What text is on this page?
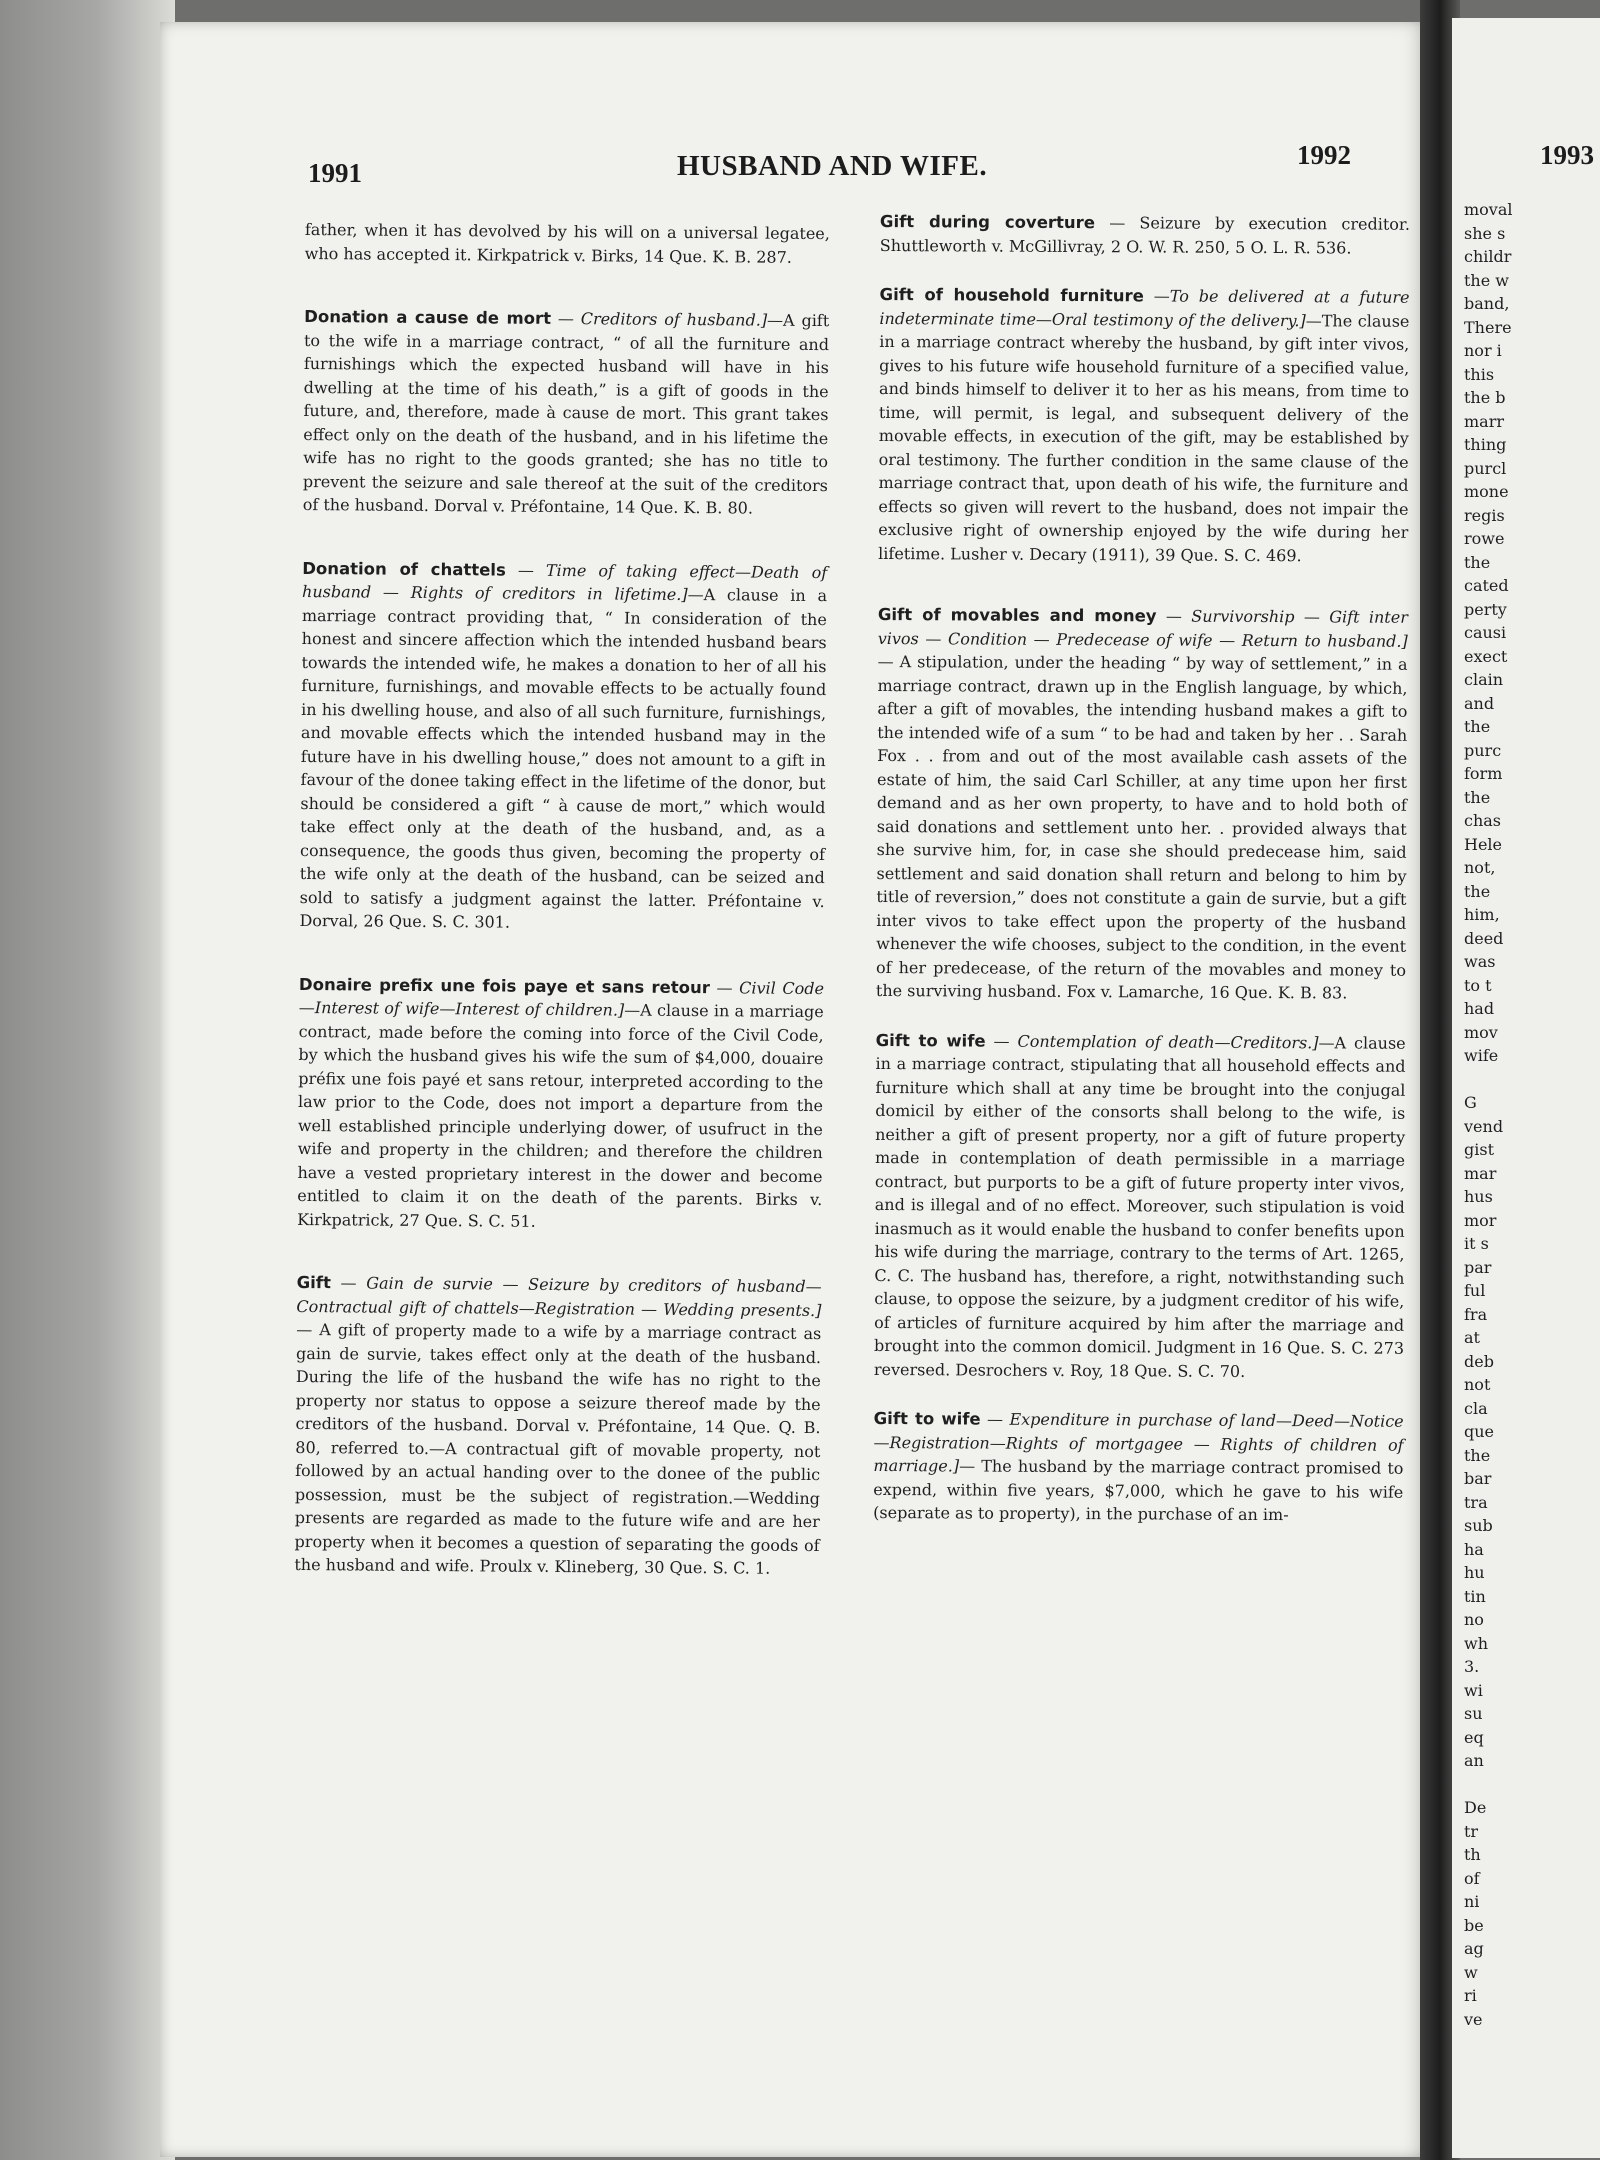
1991	HUSBAND AND WIFE.	1992

father, when it has devolved by his will on a universal legatee, who has accepted it. Kirkpatrick v. Birks, 14 Que. K. B. 287.

Donation a cause de mort — Creditors of husband.]—A gift to the wife in a marriage contract, “ of all the furniture and furnishings which the expected husband will have in his dwelling at the time of his death,” is a gift of goods in the future, and, therefore, made à cause de mort. This grant takes effect only on the death of the husband, and in his lifetime the wife has no right to the goods granted; she has no title to prevent the seizure and sale thereof at the suit of the creditors of the husband. Dorval v. Préfontaine, 14 Que. K. B. 80.

Donation of chattels — Time of taking effect—Death of husband — Rights of creditors in lifetime.]—A clause in a marriage contract providing that, “ In consideration of the honest and sincere affection which the intended husband bears towards the intended wife, he makes a donation to her of all his furniture, furnishings, and movable effects to be actually found in his dwelling house, and also of all such furniture, furnishings, and movable effects which the intended husband may in the future have in his dwelling house,” does not amount to a gift in favour of the donee taking effect in the lifetime of the donor, but should be considered a gift “ à cause de mort,” which would take effect only at the death of the husband, and, as a consequence, the goods thus given, becoming the property of the wife only at the death of the husband, can be seized and sold to satisfy a judgment against the latter. Préfontaine v. Dorval, 26 Que. S. C. 301.

Donaire prefix une fois paye et sans retour — Civil Code—Interest of wife—Interest of children.]—A clause in a marriage contract, made before the coming into force of the Civil Code, by which the husband gives his wife the sum of $4,000, douaire préfix une fois payé et sans retour, interpreted according to the law prior to the Code, does not import a departure from the well established principle underlying dower, of usufruct in the wife and property in the children; and therefore the children have a vested proprietary interest in the dower and become entitled to claim it on the death of the parents. Birks v. Kirkpatrick, 27 Que. S. C. 51.

Gift — Gain de survie — Seizure by creditors of husband—Contractual gift of chattels—Registration — Wedding presents.]— A gift of property made to a wife by a marriage contract as gain de survie, takes effect only at the death of the husband. During the life of the husband the wife has no right to the property nor status to oppose a seizure thereof made by the creditors of the husband. Dorval v. Préfontaine, 14 Que. Q. B. 80, referred to.—A contractual gift of movable property, not followed by an actual handing over to the donee of the public possession, must be the subject of registration.—Wedding presents are regarded as made to the future wife and are her property when it becomes a question of separating the goods of the husband and wife. Proulx v. Klineberg, 30 Que. S. C. 1.

Gift during coverture — Seizure by execution creditor. Shuttleworth v. McGillivray, 2 O. W. R. 250, 5 O. L. R. 536.

Gift of household furniture —To be delivered at a future indeterminate time—Oral testimony of the delivery.]—The clause in a marriage contract whereby the husband, by gift inter vivos, gives to his future wife household furniture of a specified value, and binds himself to deliver it to her as his means, from time to time, will permit, is legal, and subsequent delivery of the movable effects, in execution of the gift, may be established by oral testimony. The further condition in the same clause of the marriage contract that, upon death of his wife, the furniture and effects so given will revert to the husband, does not impair the exclusive right of ownership enjoyed by the wife during her lifetime. Lusher v. Decary (1911), 39 Que. S. C. 469.

Gift of movables and money — Survivorship — Gift inter vivos — Condition — Predecease of wife — Return to husband.]— A stipulation, under the heading “ by way of settlement,” in a marriage contract, drawn up in the English language, by which, after a gift of movables, the intending husband makes a gift to the intended wife of a sum “ to be had and taken by her . . Sarah Fox . . from and out of the most available cash assets of the estate of him, the said Carl Schiller, at any time upon her first demand and as her own property, to have and to hold both of said donations and settlement unto her. . provided always that she survive him, for, in case she should predecease him, said settlement and said donation shall return and belong to him by title of reversion,” does not constitute a gain de survie, but a gift inter vivos to take effect upon the property of the husband whenever the wife chooses, subject to the condition, in the event of her predecease, of the return of the movables and money to the surviving husband. Fox v. Lamarche, 16 Que. K. B. 83.

Gift to wife — Contemplation of death—Creditors.]—A clause in a marriage contract, stipulating that all household effects and furniture which shall at any time be brought into the conjugal domicil by either of the consorts shall belong to the wife, is neither a gift of present property, nor a gift of future property made in contemplation of death permissible in a marriage contract, but purports to be a gift of future property inter vivos, and is illegal and of no effect. Moreover, such stipulation is void inasmuch as it would enable the husband to confer benefits upon his wife during the marriage, contrary to the terms of Art. 1265, C. C. The husband has, therefore, a right, notwithstanding such clause, to oppose the seizure, by a judgment creditor of his wife, of articles of furniture acquired by him after the marriage and brought into the common domicil. Judgment in 16 Que. S. C. 273 reversed. Desrochers v. Roy, 18 Que. S. C. 70.

Gift to wife — Expenditure in purchase of land—Deed—Notice—Registration—Rights of mortgagee — Rights of children of marriage.]— The husband by the marriage contract promised to expend, within five years, $7,000, which he gave to his wife (separate as to property), in the purchase of an im-

1993
moval
she s
childr
the w
band,
There
nor i
this
the b
marr
thing
purcl
mone
regis
rowe
the
cated
perty
causi
exect
clain
and
the
purc
form
the
chas
Hele
not,
the
him,
deed
was
to t
had
mov
wife

G
vend
gist
mar
hus
mor
it s
par
ful
fra
at
deb
not
cla
que
the
bar
tra
sub
ha
hu
tin
no
wh
3.
wi
su
eq
an

De
tr
th
of
ni
be
ag
w
ri
ve
